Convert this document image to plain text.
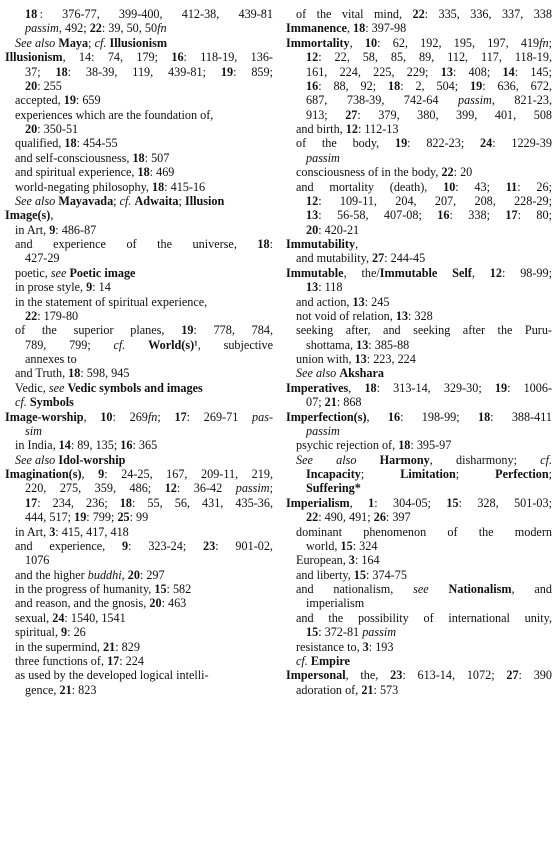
18 : 376-77, 399-400, 412-38, 439-81
passim, 492; 22: 39, 50, 50fn
See also Maya; cf. Illusionism
Illusionism, 14: 74, 179; 16: 118-19, 136-
37; 18: 38-39, 119, 439-81; 19: 859;
20: 255
accepted, 19: 659
experiences which are the foundation of,
20: 350-51
qualified, 18: 454-55
and self-consciousness, 18: 507
and spiritual experience, 18: 469
world-negating philosophy, 18: 415-16
See also Mayavada; cf. Adwaita; Illusion
Image(s),
in Art, 9: 486-87
and experience of the universe, 18:
427-29
poetic, see Poetic image
in prose style, 9: 14
in the statement of spiritual experience,
22: 179-80
of the superior planes, 19: 778, 784,
789, 799; cf. World(s)¹, subjective
annexes to
and Truth, 18: 598, 945
Vedic, see Vedic symbols and images
cf. Symbols
Image-worship, 10: 269fn; 17: 269-71 pas-
sim
in India, 14: 89, 135; 16: 365
See also Idol-worship
Imagination(s), 9: 24-25, 167, 209-11, 219,
220, 275, 359, 486; 12: 36-42 passim;
17: 234, 236; 18: 55, 56, 431, 435-36,
444, 517; 19: 799; 25: 99
in Art, 3: 415, 417, 418
and experience, 9: 323-24; 23: 901-02,
1076
and the higher buddhi, 20: 297
in the progress of humanity, 15: 582
and reason, and the gnosis, 20: 463
sexual, 24: 1540, 1541
spiritual, 9: 26
in the supermind, 21: 829
three functions of, 17: 224
as used by the developed logical intelli-
gence, 21: 823
of the vital mind, 22: 335, 336, 337, 338
Immanence, 18: 397-98
Immortality, 10: 62, 192, 195, 197, 419fn;
12: 22, 58, 85, 89, 112, 117, 118-19,
161, 224, 225, 229; 13: 408; 14: 145;
16: 88, 92; 18: 2, 504; 19: 636, 672,
687, 738-39, 742-64 passim, 821-23,
913; 27: 379, 380, 399, 401, 508
and birth, 12: 112-13
of the body, 19: 822-23; 24: 1229-39
passim
consciousness of in the body, 22: 20
and mortality (death), 10: 43; 11: 26;
12: 109-11, 204, 207, 208, 228-29;
13: 56-58, 407-08; 16: 338; 17: 80;
20: 420-21
Immutability,
and mutability, 27: 244-45
Immutable, the/Immutable Self, 12: 98-99;
13: 118
and action, 13: 245
not void of relation, 13: 328
seeking after, and seeking after the Puru-
shottama, 13: 385-88
union with, 13: 223, 224
See also Akshara
Imperatives, 18: 313-14, 329-30; 19: 1006-
07; 21: 868
Imperfection(s), 16: 198-99; 18: 388-411
passim
psychic rejection of, 18: 395-97
See also Harmony, disharmony; cf.
Incapacity; Limitation; Perfection;
Suffering*
Imperialism, 1: 304-05; 15: 328, 501-03;
22: 490, 491; 26: 397
dominant phenomenon of the modern
world, 15: 324
European, 3: 164
and liberty, 15: 374-75
and nationalism, see Nationalism, and
imperialism
and the possibility of international unity,
15: 372-81 passim
resistance to, 3: 193
cf. Empire
Impersonal, the, 23: 613-14, 1072; 27: 390
adoration of, 21: 573
